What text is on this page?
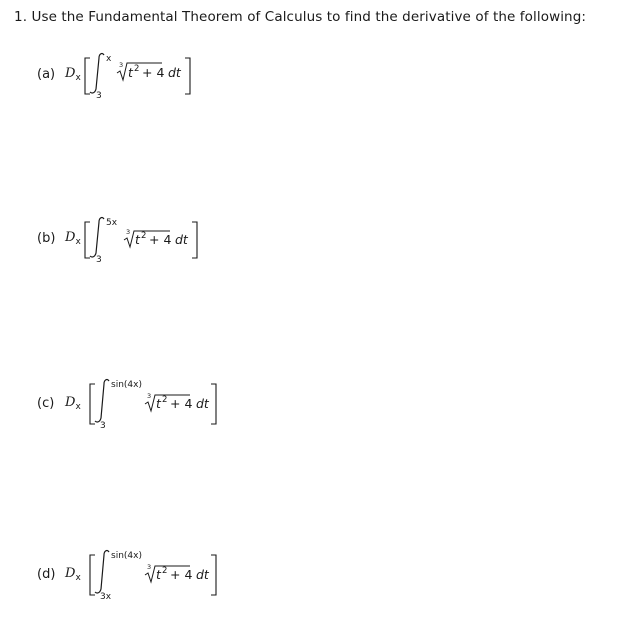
1. Use the Fundamental Theorem of Calculus to find the derivative of the following:
(a) $D_x$
x
3
3 t 2 + 4 dt
(b) $D_x$
5x
3
3 t 2 + 4 dt
(c) $D_x$
sin(4x)
3
3 t 2 + 4 dt
(d) $D_x$
sin(4x)
3x
3 t 2 + 4 dt
